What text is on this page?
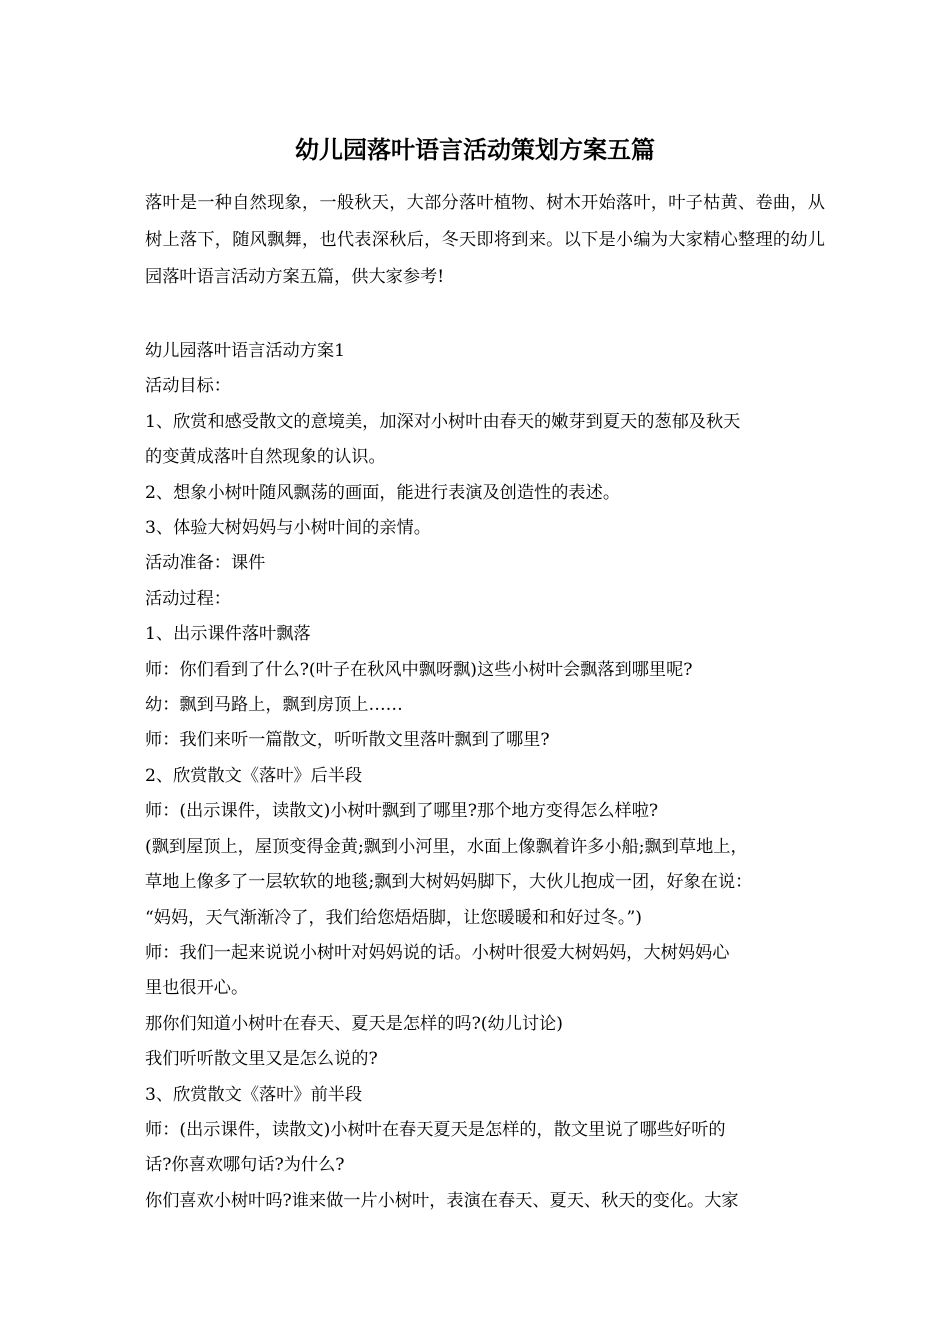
幼儿园落叶语言活动策划方案五篇

落叶是一种自然现象，一般秋天，大部分落叶植物、树木开始落叶，叶子枯黄、卷曲，从树上落下，随风飘舞，也代表深秋后，冬天即将到来。以下是小编为大家精心整理的幼儿园落叶语言活动方案五篇，供大家参考!

幼儿园落叶语言活动方案1

活动目标：

1、欣赏和感受散文的意境美，加深对小树叶由春天的嫩芽到夏天的葱郁及秋天

的变黄成落叶自然现象的认识。

2、想象小树叶随风飘荡的画面，能进行表演及创造性的表述。

3、体验大树妈妈与小树叶间的亲情。

活动准备：课件

活动过程：

1、出示课件落叶飘落

师：你们看到了什么?(叶子在秋风中飘呀飘)这些小树叶会飘落到哪里呢?

幼：飘到马路上，飘到房顶上……

师：我们来听一篇散文，听听散文里落叶飘到了哪里?

2、欣赏散文《落叶》后半段

师：(出示课件，读散文)小树叶飘到了哪里?那个地方变得怎么样啦?

(飘到屋顶上，屋顶变得金黄;飘到小河里，水面上像飘着许多小船;飘到草地上，

草地上像多了一层软软的地毯;飘到大树妈妈脚下，大伙儿抱成一团，好象在说：

“妈妈，天气渐渐冷了，我们给您焐焐脚，让您暖暖和和好过冬。”)

师：我们一起来说说小树叶对妈妈说的话。小树叶很爱大树妈妈，大树妈妈心

里也很开心。

那你们知道小树叶在春天、夏天是怎样的吗?(幼儿讨论)

我们听听散文里又是怎么说的?

3、欣赏散文《落叶》前半段

师：(出示课件，读散文)小树叶在春天夏天是怎样的，散文里说了哪些好听的

话?你喜欢哪句话?为什么?

你们喜欢小树叶吗?谁来做一片小树叶，表演在春天、夏天、秋天的变化。大家
